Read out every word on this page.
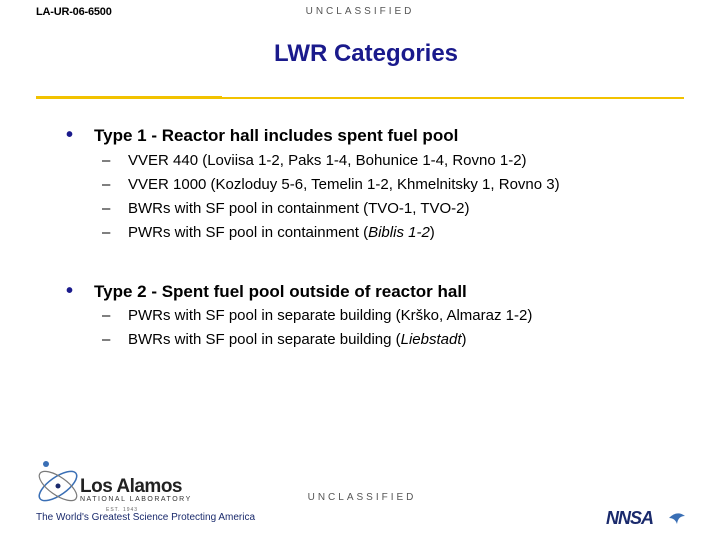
LA-UR-06-6500	UNCLASSIFIED
LWR Categories
•	Type 1 - Reactor hall includes spent fuel pool
–	VVER 440 (Loviisa 1-2, Paks 1-4, Bohunice 1-4, Rovno 1-2)
–	VVER 1000 (Kozloduy 5-6, Temelin 1-2, Khmelnitsky 1, Rovno 3)
–	BWRs with SF pool in containment (TVO-1, TVO-2)
–	PWRs with SF pool in containment (Biblis 1-2)
•	Type 2 - Spent fuel pool outside of reactor hall
–	PWRs with SF pool in separate building (Krško, Almaraz 1-2)
–	BWRs with SF pool in separate building (Liebstadt)
Los Alamos
NATIONAL LABORATORY
EST. 1943
The World's Greatest Science Protecting America
UNCLASSIFIED
NNSA
